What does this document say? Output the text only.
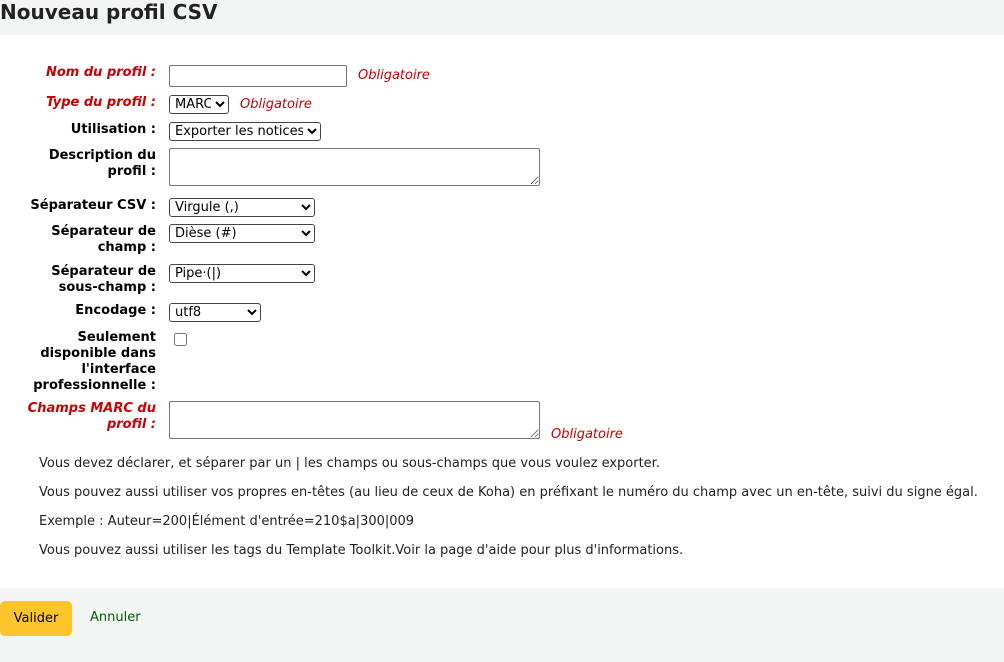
Nouveau profil CSV
Nom du profil :	Obligatoire
Type du profil :
MARC	Obligatoire
Utilisation :
Exporter les notices
Description du
profil :
Séparateur CSV :
Virgule (,)
Séparateur de
champ :
Dièse (#)
Séparateur de
sous-champ :
Pipe·(|)
Encodage :
utf8
Seulement
disponible dans
l'interface
professionnelle :
Champs MARC du
profil :
Obligatoire
Vous devez déclarer, et séparer par un | les champs ou sous-champs que vous voulez exporter.
Vous pouvez aussi utiliser vos propres en-têtes (au lieu de ceux de Koha) en préfixant le numéro du champ avec un en-tête, suivi du signe égal.
Exemple : Auteur=200|Élément d'entrée=210$a|300|009
Vous pouvez aussi utiliser les tags du Template Toolkit.Voir la page d'aide pour plus d'informations.
Valider	Annuler
